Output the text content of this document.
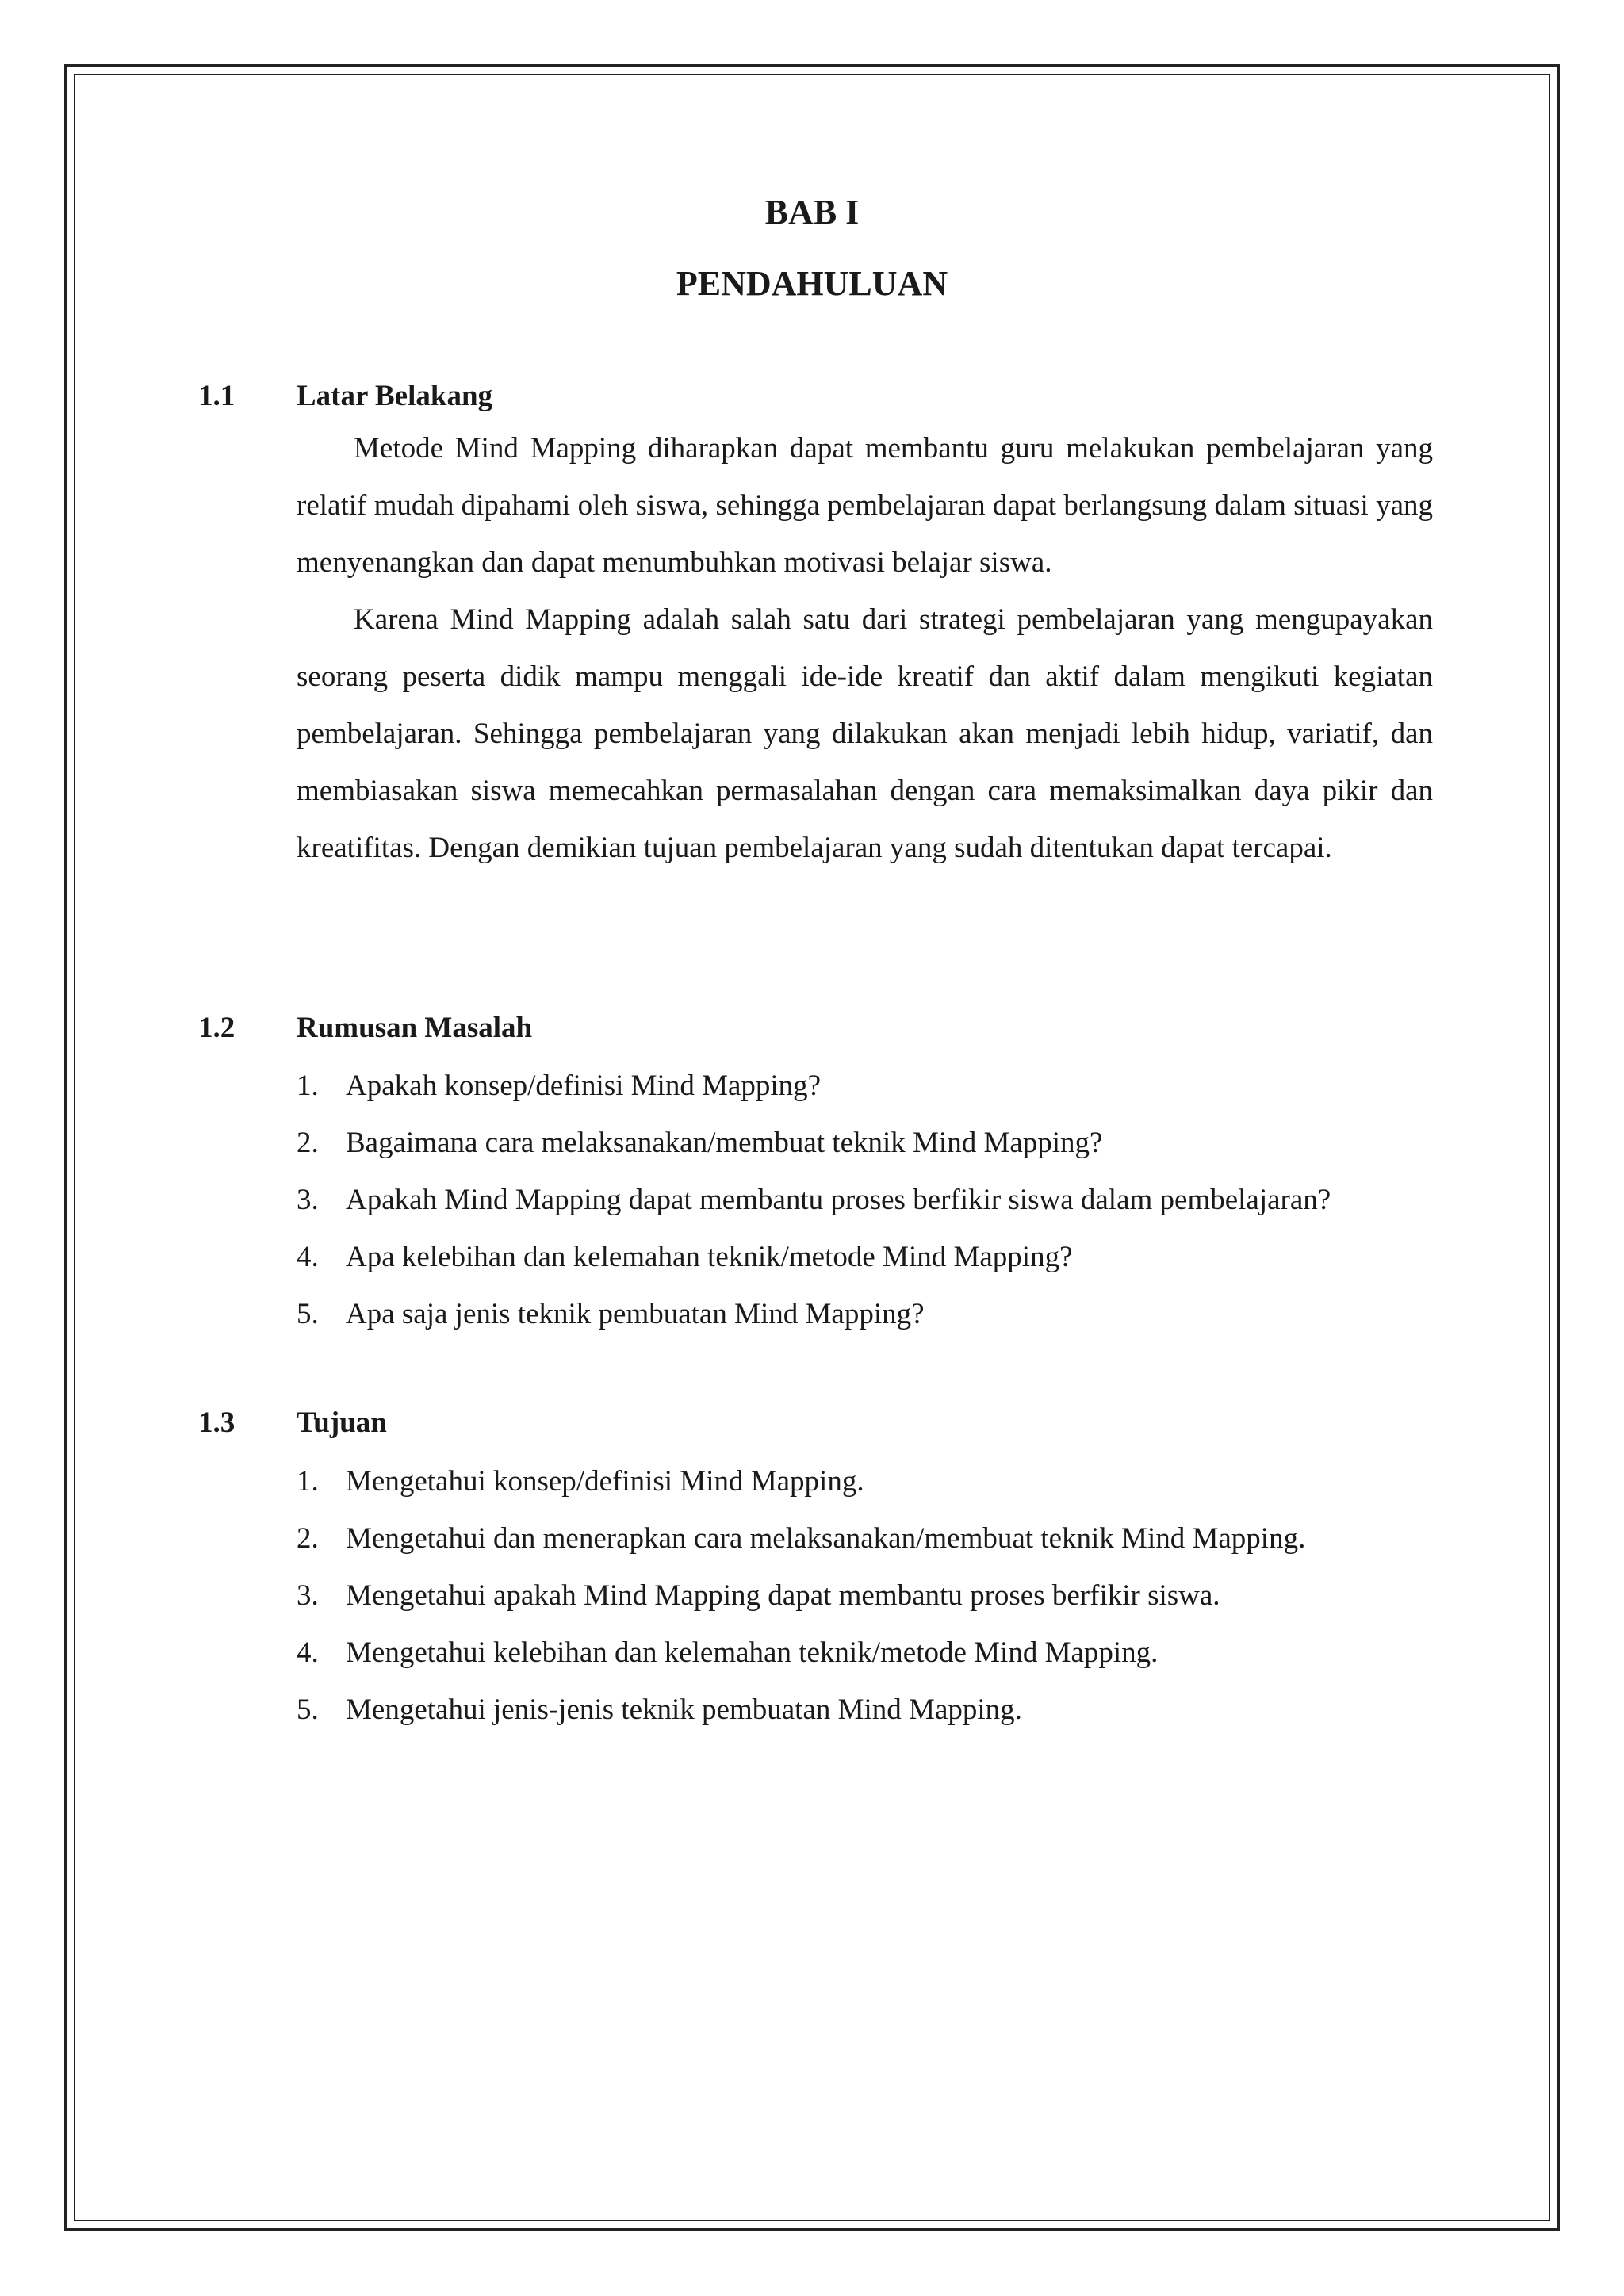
BAB I
PENDAHULUAN
1.1 Latar Belakang

Metode Mind Mapping diharapkan dapat membantu guru melakukan pembelajaran yang relatif mudah dipahami oleh siswa, sehingga pembelajaran dapat berlangsung dalam situasi yang menyenangkan dan dapat menumbuhkan motivasi belajar siswa.

Karena Mind Mapping adalah salah satu dari strategi pembelajaran yang mengupayakan seorang peserta didik mampu menggali ide-ide kreatif dan aktif dalam mengikuti kegiatan pembelajaran. Sehingga pembelajaran yang dilakukan akan menjadi lebih hidup, variatif, dan membiasakan siswa memecahkan permasalahan dengan cara memaksimalkan daya pikir dan kreatifitas. Dengan demikian tujuan pembelajaran yang sudah ditentukan dapat tercapai.

1.2 Rumusan Masalah
1. Apakah konsep/definisi Mind Mapping?
2. Bagaimana cara melaksanakan/membuat teknik Mind Mapping?
3. Apakah Mind Mapping dapat membantu proses berfikir siswa dalam pembelajaran?
4. Apa kelebihan dan kelemahan teknik/metode Mind Mapping?
5. Apa saja jenis teknik pembuatan Mind Mapping?
1.3 Tujuan
1. Mengetahui konsep/definisi Mind Mapping.
2. Mengetahui dan menerapkan cara melaksanakan/membuat teknik Mind Mapping.
3. Mengetahui apakah Mind Mapping dapat membantu proses berfikir siswa.
4. Mengetahui kelebihan dan kelemahan teknik/metode Mind Mapping.
5. Mengetahui jenis-jenis teknik pembuatan Mind Mapping.
